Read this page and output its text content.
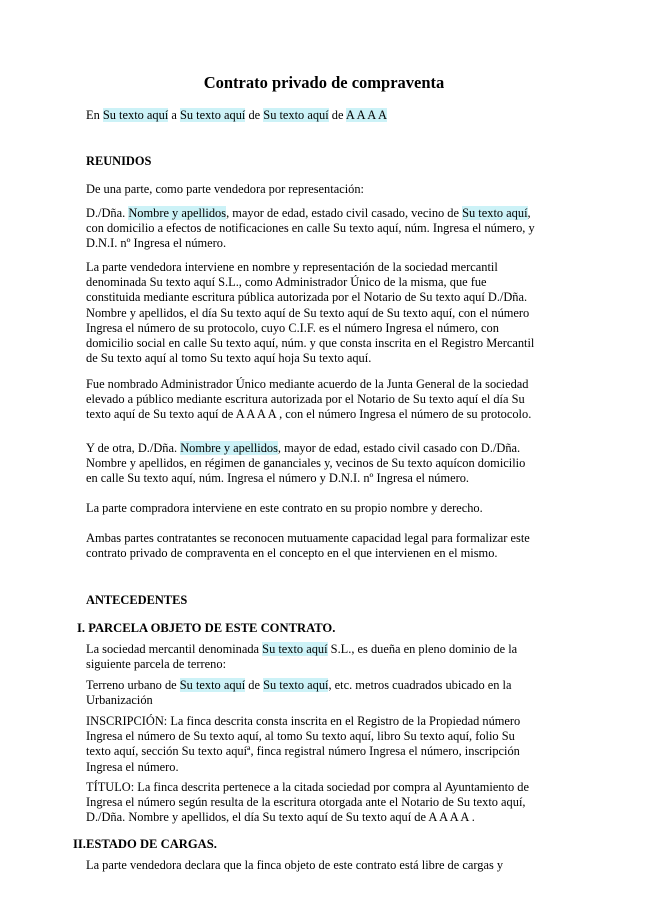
Contrato privado de compraventa
En Su texto aquí a Su texto aquí de Su texto aquí de A A A A
REUNIDOS
De una parte, como parte vendedora por representación:
D./Dña. Nombre y apellidos, mayor de edad, estado civil casado, vecino de Su texto aquí,
con domicilio a efectos de notificaciones en calle Su texto aquí, núm. Ingresa el número, y
D.N.I. nº Ingresa el número.
La parte vendedora interviene en nombre y representación de la sociedad mercantil
denominada Su texto aquí S.L., como Administrador Único de la misma, que fue
constituida mediante escritura pública autorizada por el Notario de Su texto aquí D./Dña.
Nombre y apellidos, el día Su texto aquí de Su texto aquí de Su texto aquí, con el número
Ingresa el número de su protocolo, cuyo C.I.F. es el número Ingresa el número, con
domicilio social en calle Su texto aquí, núm. y que consta inscrita en el Registro Mercantil
de Su texto aquí al tomo Su texto aquí hoja Su texto aquí.
Fue nombrado Administrador Único mediante acuerdo de la Junta General de la sociedad
elevado a público mediante escritura autorizada por el Notario de Su texto aquí el día Su
texto aquí de Su texto aquí de A A A A , con el número Ingresa el número de su protocolo.
Y de otra, D./Dña. Nombre y apellidos, mayor de edad, estado civil casado con D./Dña.
Nombre y apellidos, en régimen de gananciales y, vecinos de Su texto aquícon domicilio
en calle Su texto aquí, núm. Ingresa el número y D.N.I. nº Ingresa el número.
La parte compradora interviene en este contrato en su propio nombre y derecho.
Ambas partes contratantes se reconocen mutuamente capacidad legal para formalizar este
contrato privado de compraventa en el concepto en el que intervienen en el mismo.
ANTECEDENTES
I. PARCELA OBJETO DE ESTE CONTRATO.
La sociedad mercantil denominada Su texto aquí S.L., es dueña en pleno dominio de la
siguiente parcela de terreno:
Terreno urbano de Su texto aquí de Su texto aquí, etc. metros cuadrados ubicado en la
Urbanización
INSCRIPCIÓN: La finca descrita consta inscrita en el Registro de la Propiedad número
Ingresa el número de Su texto aquí, al tomo Su texto aquí, libro Su texto aquí, folio Su
texto aquí, sección Su texto aquíª, finca registral número Ingresa el número, inscripción
Ingresa el número.
TÍTULO: La finca descrita pertenece a la citada sociedad por compra al Ayuntamiento de
Ingresa el número según resulta de la escritura otorgada ante el Notario de Su texto aquí,
D./Dña. Nombre y apellidos, el día Su texto aquí de Su texto aquí de A A A A .
II.ESTADO DE CARGAS.
La parte vendedora declara que la finca objeto de este contrato está libre de cargas y
